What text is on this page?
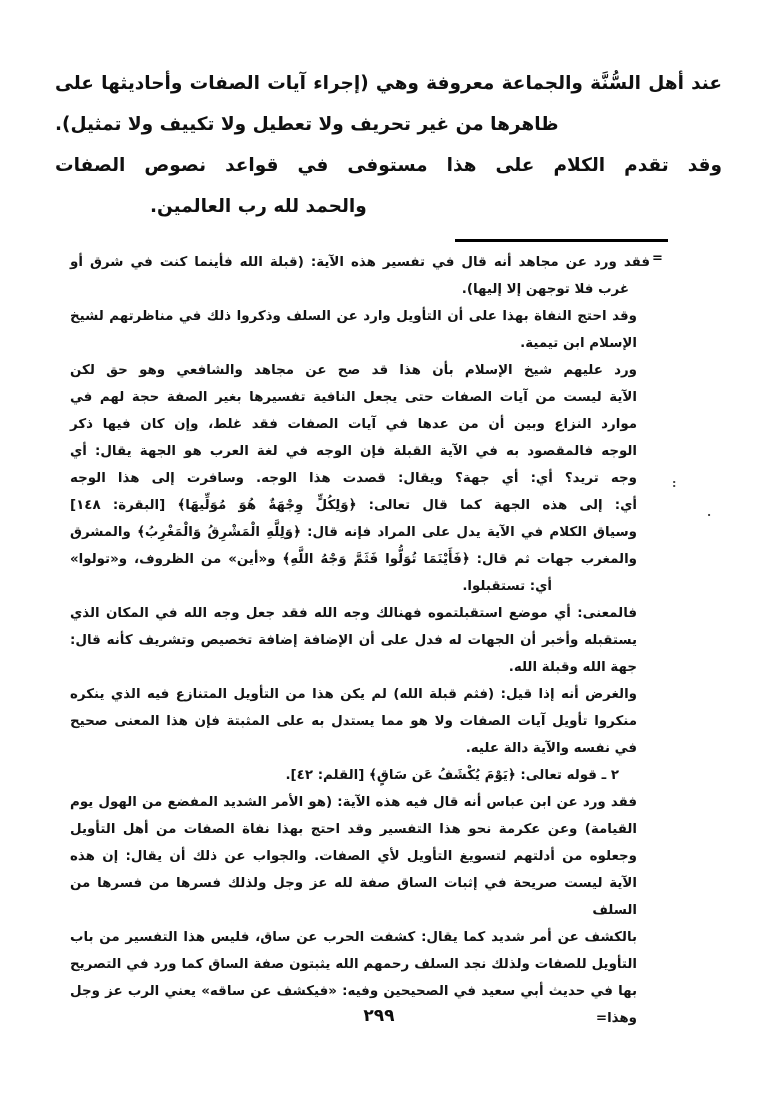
عند أهل السُّنَّة والجماعة معروفة وهي (إجراء آيات الصفات وأحاديثها على
ظاهرها من غير تحريف ولا تعطيل ولا تكييف ولا تمثيل).
وقد تقدم الكلام على هذا مستوفى في قواعد نصوص الصفات
والحمد لله رب العالمين.
=
فقد ورد عن مجاهد أنه قال في تفسير هذه الآية: (قبلة الله فأينما كنت في شرق أو
غرب فلا توجهن إلا إليها).
وقد احتج النفاة بهذا على أن التأويل وارد عن السلف وذكروا ذلك في مناظرتهم لشيخ
الإسلام ابن تيمية.
ورد عليهم شيخ الإسلام بأن هذا قد صح عن مجاهد والشافعي وهو حق لكن
الآية ليست من آيات الصفات حتى يجعل النافية تفسيرها بغير الصفة حجة لهم في
موارد النزاع وبين أن من عدها في آيات الصفات فقد غلط، وإن كان فيها ذكر
الوجه فالمقصود به في الآية القبلة فإن الوجه في لغة العرب هو الجهة يقال: أي
وجه تريد؟ أي: أي جهة؟ ويقال: قصدت هذا الوجه. وسافرت إلى هذا الوجه
أي: إلى هذه الجهة كما قال تعالى: ﴿وَلِكُلٍّ وِجْهَةٌ هُوَ مُوَلِّيهَا﴾ [البقرة: ١٤٨]
وسياق الكلام في الآية يدل على المراد فإنه قال: ﴿وَلِلَّهِ الْمَشْرِقُ وَالْمَغْرِبُ﴾ والمشرق
والمغرب جهات ثم قال: ﴿فَأَيْنَمَا تُوَلُّوا فَثَمَّ وَجْهُ اللَّهِ﴾ و«أين» من الظروف، و«تولوا»
أي: تستقبلوا.
فالمعنى: أي موضع استقبلتموه فهنالك وجه الله فقد جعل وجه الله في المكان الذي
يستقبله وأخبر أن الجهات له فدل على أن الإضافة إضافة تخصيص وتشريف كأنه قال:
جهة الله وقبلة الله.
والغرض أنه إذا قيل: (فثم قبلة الله) لم يكن هذا من التأويل المتنازع فيه الذي ينكره
منكروا تأويل آيات الصفات ولا هو مما يستدل به على المثبتة فإن هذا المعنى صحيح
في نفسه والآية دالة عليه.
٢ ـ قوله تعالى: ﴿يَوْمَ يُكْشَفُ عَن سَاقٍ﴾ [القلم: ٤٢].
فقد ورد عن ابن عباس أنه قال فيه هذه الآية: (هو الأمر الشديد المفضع من الهول يوم
القيامة) وعن عكرمة نحو هذا التفسير وقد احتج بهذا نفاة الصفات من أهل التأويل
وجعلوه من أدلتهم لتسويغ التأويل لأي الصفات. والجواب عن ذلك أن يقال: إن هذه
الآية ليست صريحة في إثبات الساق صفة لله عز وجل ولذلك فسرها من فسرها من السلف
بالكشف عن أمر شديد كما يقال: كشفت الحرب عن ساق، فليس هذا التفسير من باب
التأويل للصفات ولذلك نجد السلف رحمهم الله يثبتون صفة الساق كما ورد في التصريح
بها في حديث أبي سعيد في الصحيحين وفيه: «فيكشف عن ساقه» يعني الرب عز وجل وهذا=
٢٩٩
:
.
